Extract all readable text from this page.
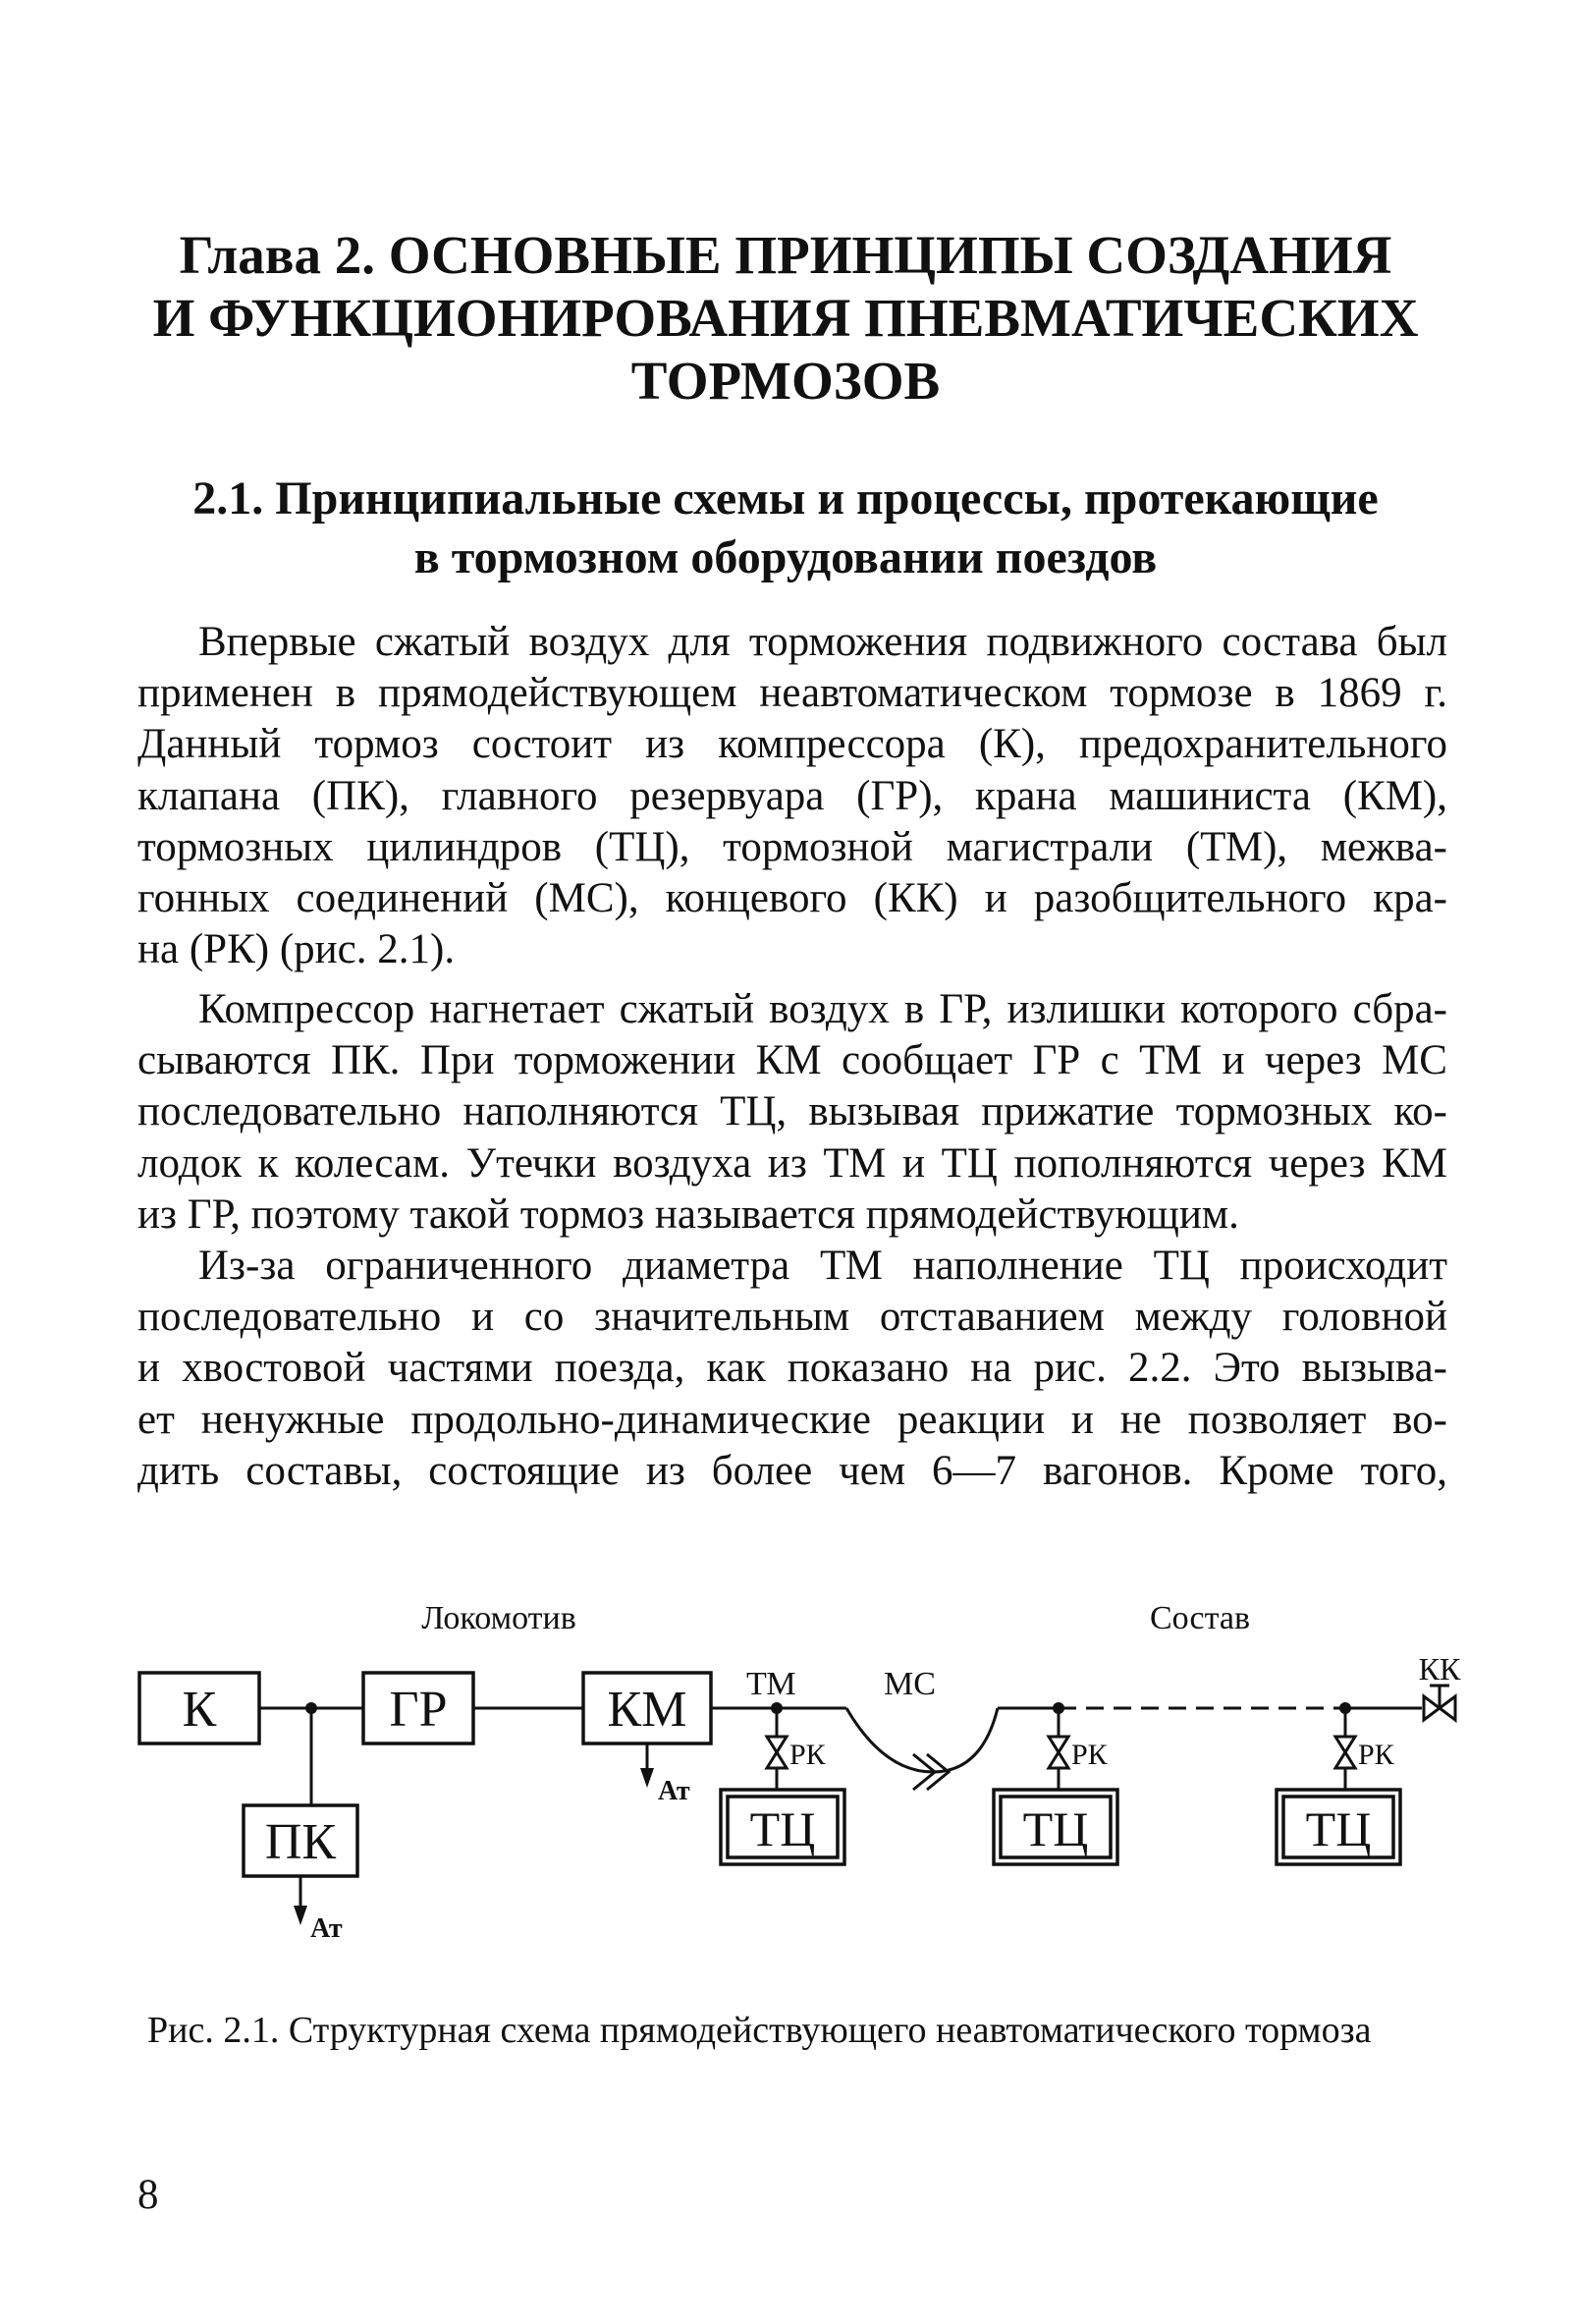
Глава 2. ОСНОВНЫЕ ПРИНЦИПЫ СОЗДАНИЯ
И ФУНКЦИОНИРОВАНИЯ ПНЕВМАТИЧЕСКИХ
ТОРМОЗОВ
2.1. Принципиальные схемы и процессы, протекающие
в тормозном оборудовании поездов
Впервые сжатый воздух для торможения подвижного состава был
применен в прямодействующем неавтоматическом тормозе в 1869 г.
Данный тормоз состоит из компрессора (К), предохранительного
клапана (ПК), главного резервуара (ГР), крана машиниста (КМ),
тормозных цилиндров (ТЦ), тормозной магистрали (ТМ), межва-
гонных соединений (МС), концевого (КК) и разобщительного кра-
на (РК) (рис. 2.1).
Компрессор нагнетает сжатый воздух в ГР, излишки которого сбра-
сываются ПК. При торможении КМ сообщает ГР с ТМ и через МС
последовательно наполняются ТЦ, вызывая прижатие тормозных ко-
лодок к колесам. Утечки воздуха из ТМ и ТЦ пополняются через КМ
из ГР, поэтому такой тормоз называется прямодействующим.
Из-за ограниченного диаметра ТМ наполнение ТЦ происходит
последовательно и со значительным отставанием между головной
и хвостовой частями поезда, как показано на рис. 2.2. Это вызыва-
ет ненужные продольно-динамические реакции и не позволяет во-
дить составы, состоящие из более чем 6—7 вагонов. Кроме того,
Локомотив	Состав
К	ГР	КМ
ПК
Ат
Ат
ТМ	МС	КК
РК
ТЦ
РК
ТЦ
РК
ТЦ
Рис. 2.1. Структурная схема прямодействующего неавтоматического тормоза
8
